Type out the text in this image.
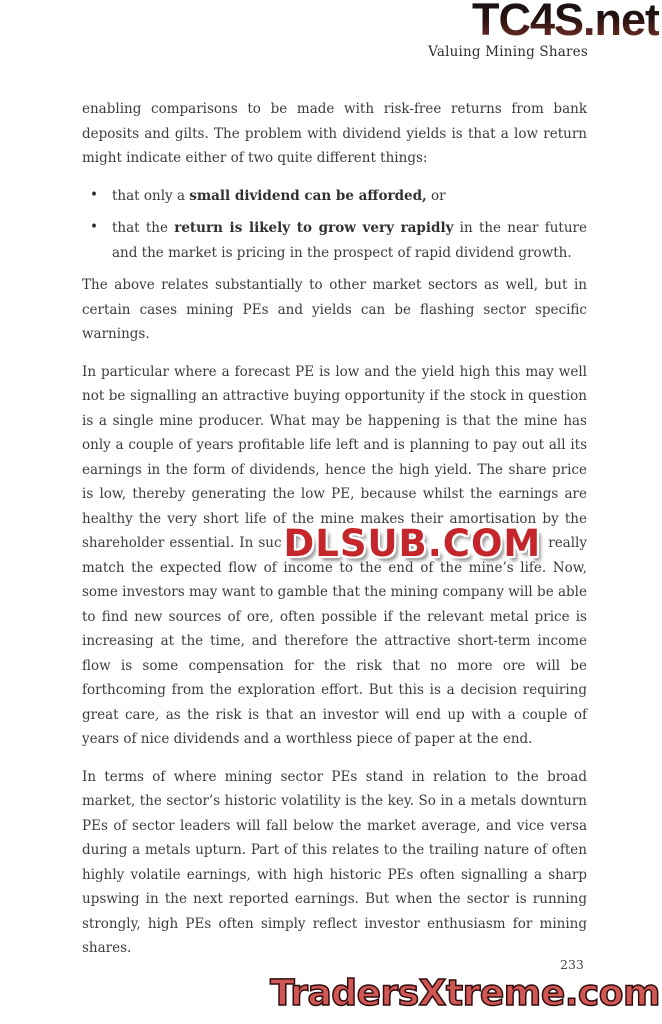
TC4S.net
Valuing Mining Shares
enabling comparisons to be made with risk-free returns from bank deposits and gilts. The problem with dividend yields is that a low return might indicate either of two quite different things:
• that only a small dividend can be afforded, or
• that the return is likely to grow very rapidly in the near future and the market is pricing in the prospect of rapid dividend growth.
The above relates substantially to other market sectors as well, but in certain cases mining PEs and yields can be flashing sector specific warnings.
In particular where a forecast PE is low and the yield high this may well not be signalling an attractive buying opportunity if the stock in question is a single mine producer. What may be happening is that the mine has only a couple of years profitable life left and is planning to pay out all its earnings in the form of dividends, hence the high yield. The share price is low, thereby generating the low PE, because whilst the earnings are healthy the very short life of the mine makes their amortisation by the shareholder essential. In sucDLSUB.COM really match the expected flow of income to the end of the mine’s life. Now, some investors may want to gamble that the mining company will be able to find new sources of ore, often possible if the relevant metal price is increasing at the time, and therefore the attractive short-term income flow is some compensation for the risk that no more ore will be forthcoming from the exploration effort. But this is a decision requiring great care, as the risk is that an investor will end up with a couple of years of nice dividends and a worthless piece of paper at the end.
In terms of where mining sector PEs stand in relation to the broad market, the sector’s historic volatility is the key. So in a metals downturn PEs of sector leaders will fall below the market average, and vice versa during a metals upturn. Part of this relates to the trailing nature of often highly volatile earnings, with high historic PEs often signalling a sharp upswing in the next reported earnings. But when the sector is running strongly, high PEs often simply reflect investor enthusiasm for mining shares.
233
TradersXtreme.com
